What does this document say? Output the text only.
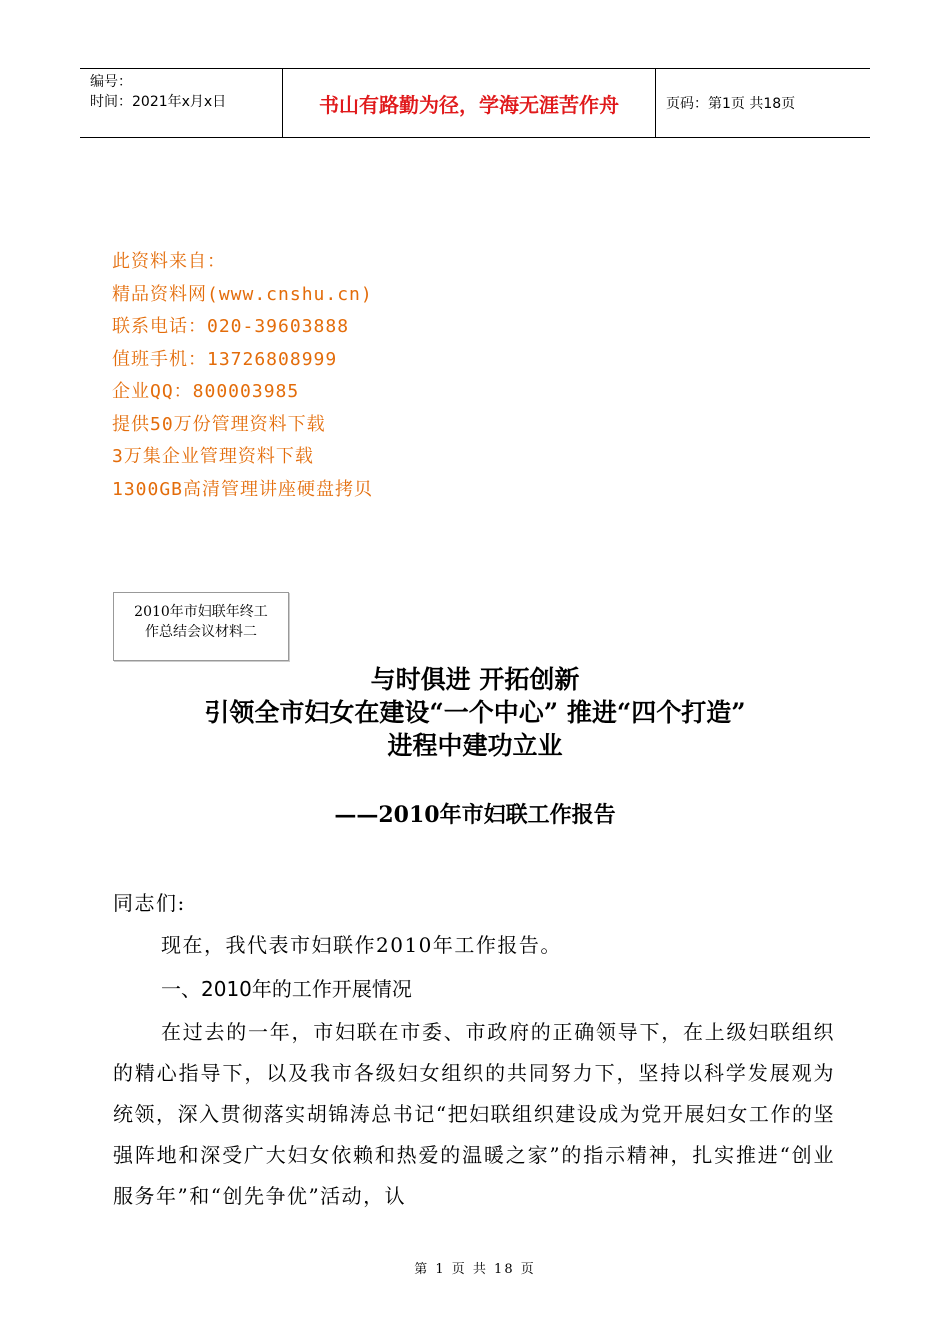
编号：
时间：2021年x月x日	书山有路勤为径，学海无涯苦作舟	页码：第1页 共18页
此资料来自：
精品资料网(www.cnshu.cn)
联系电话：020-39603888
值班手机：13726808999
企业QQ：800003985
提供50万份管理资料下载
3万集企业管理资料下载
1300GB高清管理讲座硬盘拷贝
2010年市妇联年终工
作总结会议材料二
与时俱进 开拓创新
引领全市妇女在建设“一个中心” 推进“四个打造”
进程中建功立业
——2010年市妇联工作报告
同志们:
现在，我代表市妇联作2010年工作报告。
一、2010年的工作开展情况
在过去的一年，市妇联在市委、市政府的正确领导下，在上级妇联组织的精心指导下，以及我市各级妇女组织的共同努力下，坚持以科学发展观为统领，深入贯彻落实胡锦涛总书记“把妇联组织建设成为党开展妇女工作的坚强阵地和深受广大妇女依赖和热爱的温暖之家”的指示精神，扎实推进“创业服务年”和“创先争优”活动，认
第 1 页 共 18 页
